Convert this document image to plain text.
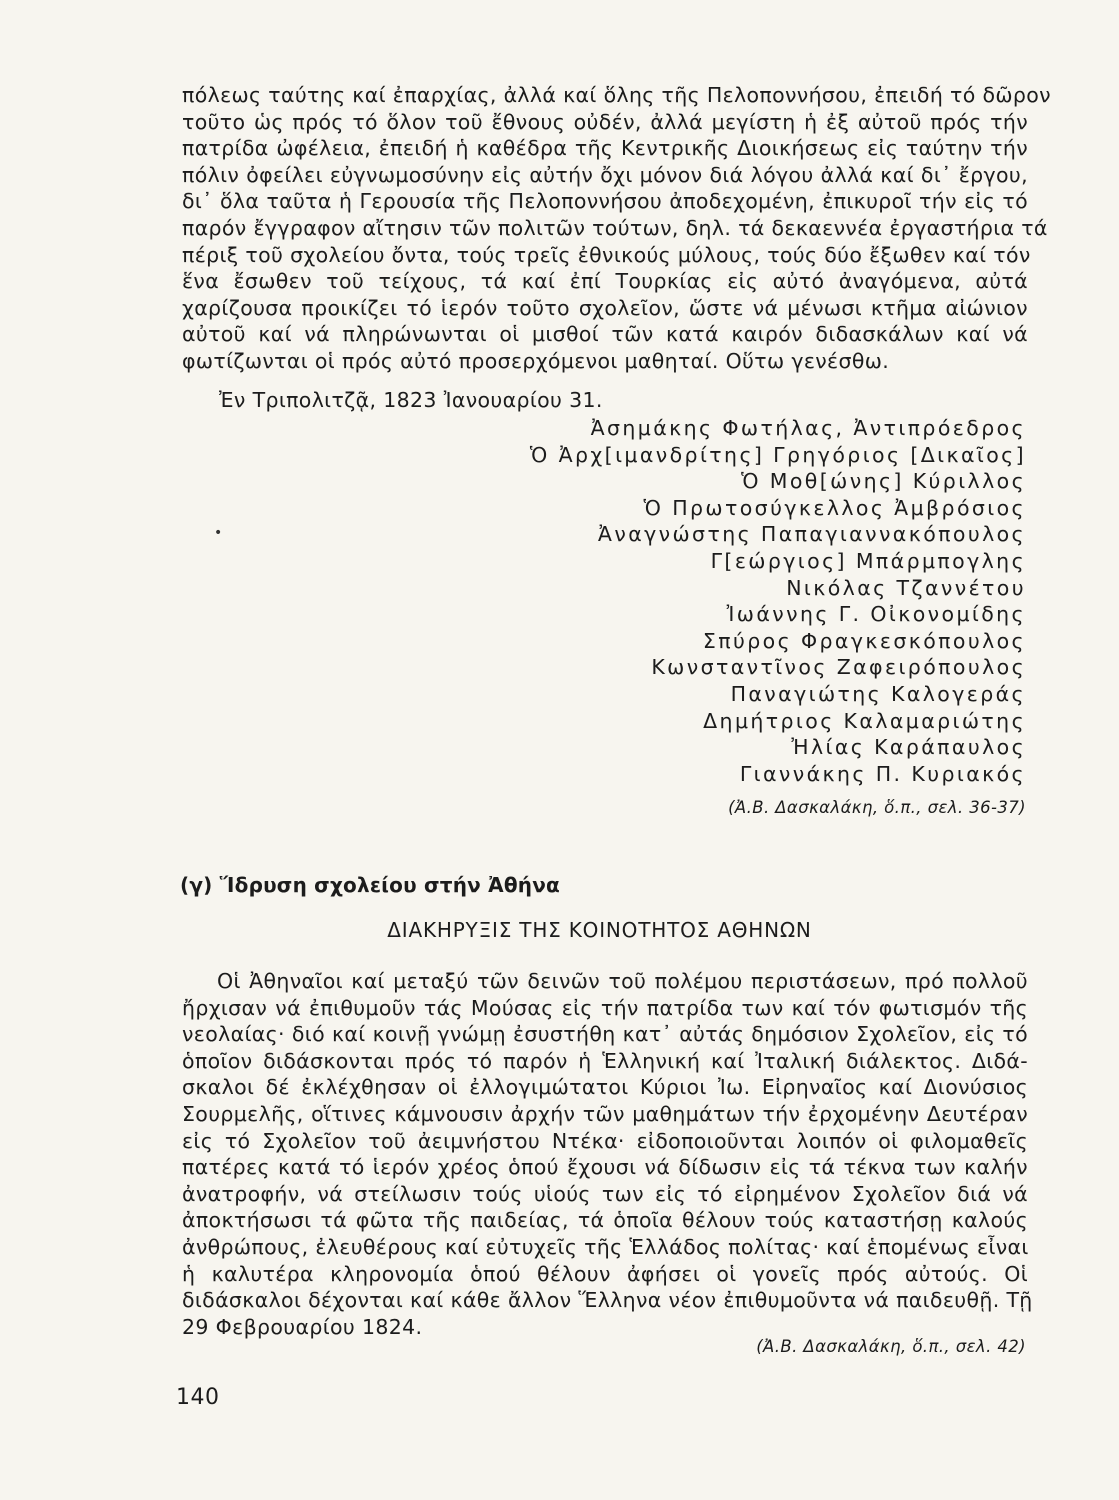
πόλεως ταύτης καί ἐπαρχίας, ἀλλά καί ὅλης τῆς Πελοποννήσου, ἐπειδή τό δῶρον
τοῦτο ὡς πρός τό ὅλον τοῦ ἔθνους οὐδέν, ἀλλά μεγίστη ἡ ἐξ αὐτοῦ πρός τήν
πατρίδα ὠφέλεια, ἐπειδή ἡ καθέδρα τῆς Κεντρικῆς Διοικήσεως εἰς ταύτην τήν
πόλιν ὀφείλει εὐγνωμοσύνην εἰς αὐτήν ὄχι μόνον διά λόγου ἀλλά καί δι᾽ ἔργου,
δι᾽ ὅλα ταῦτα ἡ Γερουσία τῆς Πελοποννήσου ἀποδεχομένη, ἐπικυροῖ τήν εἰς τό
παρόν ἔγγραφον αἴτησιν τῶν πολιτῶν τούτων, δηλ. τά δεκαεννέα ἐργαστήρια τά
πέριξ τοῦ σχολείου ὄντα, τούς τρεῖς ἐθνικούς μύλους, τούς δύο ἔξωθεν καί τόν
ἕνα ἔσωθεν τοῦ τείχους, τά καί ἐπί Τουρκίας εἰς αὐτό ἀναγόμενα, αὐτά
χαρίζουσα προικίζει τό ἱερόν τοῦτο σχολεῖον, ὥστε νά μένωσι κτῆμα αἰώνιον
αὐτοῦ καί νά πληρώνωνται οἱ μισθοί τῶν κατά καιρόν διδασκάλων καί νά
φωτίζωνται οἱ πρός αὐτό προσερχόμενοι μαθηταί. Οὕτω γενέσθω.
Ἐν Τριπολιτζᾷ, 1823 Ἰανουαρίου 31.
•
Ἀσημάκης Φωτήλας, Ἀντιπρόεδρος
Ὁ Ἀρχ[ιμανδρίτης] Γρηγόριος [Δικαῖος]
Ὁ Μοθ[ώνης] Κύριλλος
Ὁ Πρωτοσύγκελλος Ἀμβρόσιος
Ἀναγνώστης Παπαγιαννακόπουλος
Γ[εώργιος] Μπάρμπογλης
Νικόλας Τζαννέτου
Ἰωάννης Γ. Οἰκονομίδης
Σπύρος Φραγκεσκόπουλος
Κωνσταντῖνος Ζαφειρόπουλος
Παναγιώτης Καλογεράς
Δημήτριος Καλαμαριώτης
Ἠλίας Καράπαυλος
Γιαννάκης Π. Κυριακός
(Ἀ.Β. Δασκαλάκη, ὅ.π., σελ. 36-37)
(γ) Ἵδρυση σχολείου στήν Ἀθήνα
ΔΙΑΚΗΡΥΞΙΣ ΤΗΣ ΚΟΙΝΟΤΗΤΟΣ ΑΘΗΝΩΝ
Οἱ Ἀθηναῖοι καί μεταξύ τῶν δεινῶν τοῦ πολέμου περιστάσεων, πρό πολλοῦ
ἤρχισαν νά ἐπιθυμοῦν τάς Μούσας εἰς τήν πατρίδα των καί τόν φωτισμόν τῆς
νεολαίας· διό καί κοινῇ γνώμῃ ἐσυστήθη κατ᾽ αὐτάς δημόσιον Σχολεῖον, εἰς τό
ὁποῖον διδάσκονται πρός τό παρόν ἡ Ἑλληνική καί Ἰταλική διάλεκτος. Διδά-
σκαλοι δέ ἐκλέχθησαν οἱ ἐλλογιμώτατοι Κύριοι Ἰω. Εἰρηναῖος καί Διονύσιος
Σουρμελῆς, οἵτινες κάμνουσιν ἀρχήν τῶν μαθημάτων τήν ἐρχομένην Δευτέραν
εἰς τό Σχολεῖον τοῦ ἀειμνήστου Ντέκα· εἰδοποιοῦνται λοιπόν οἱ φιλομαθεῖς
πατέρες κατά τό ἱερόν χρέος ὁπού ἔχουσι νά δίδωσιν εἰς τά τέκνα των καλήν
ἀνατροφήν, νά στείλωσιν τούς υἱούς των εἰς τό εἰρημένον Σχολεῖον διά νά
ἀποκτήσωσι τά φῶτα τῆς παιδείας, τά ὁποῖα θέλουν τούς καταστήσῃ καλούς
ἀνθρώπους, ἐλευθέρους καί εὐτυχεῖς τῆς Ἑλλάδος πολίτας· καί ἑπομένως εἶναι
ἡ καλυτέρα κληρονομία ὁπού θέλουν ἀφήσει οἱ γονεῖς πρός αὐτούς. Οἱ
διδάσκαλοι δέχονται καί κάθε ἄλλον Ἕλληνα νέον ἐπιθυμοῦντα νά παιδευθῇ. Τῇ
29 Φεβρουαρίου 1824.
(Ἀ.Β. Δασκαλάκη, ὅ.π., σελ. 42)
140
